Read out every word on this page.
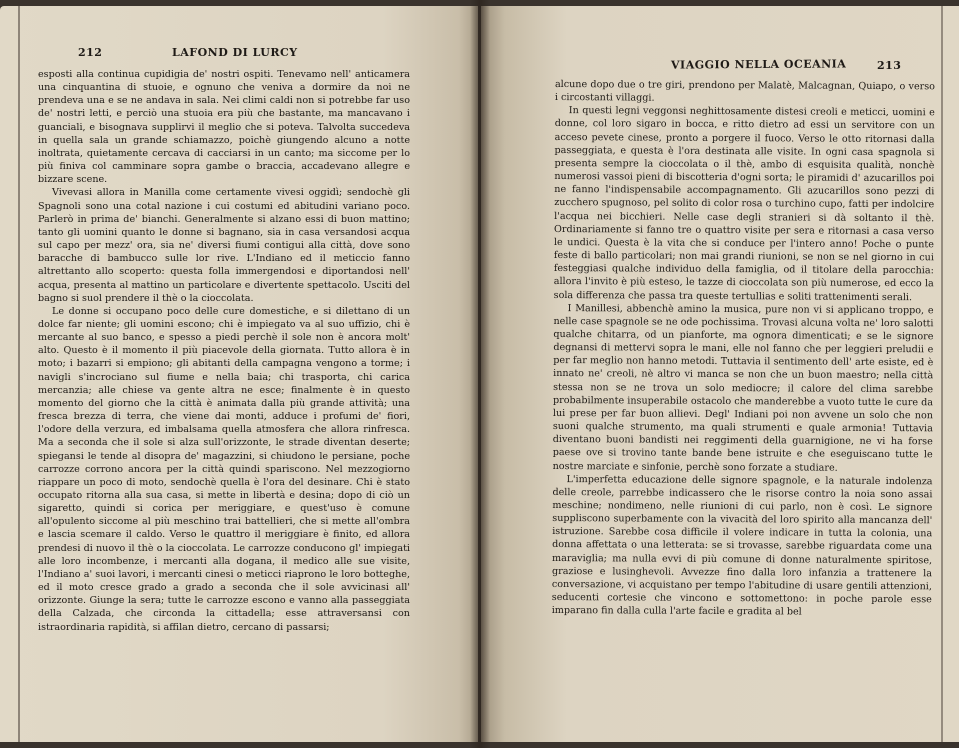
212	LAFOND DI LURCY

esposti alla continua cupidigia de' nostri ospiti. Tenevamo nell' anticamera una cinquantina di stuoie, e ognuno che veniva a dormire da noi ne prendeva una e se ne andava in sala. Nei climi caldi non si potrebbe far uso de' nostri letti, e perciò una stuoia era più che bastante, ma mancavano i guanciali, e bisognava supplirvi il meglio che si poteva. Talvolta succedeva in quella sala un grande schiamazzo, poichè giungendo alcuno a notte inoltrata, quietamente cercava di cacciarsi in un canto; ma siccome per lo più finiva col camminare sopra gambe o braccia, accadevano allegre e bizzare scene.

Vivevasi allora in Manilla come certamente vivesi oggidì; sendochè gli Spagnoli sono una cotal nazione i cui costumi ed abitudini variano poco. Parlerò in prima de' bianchi. Generalmente si alzano essi di buon mattino; tanto gli uomini quanto le donne si bagnano, sia in casa versandosi acqua sul capo per mezz' ora, sia ne' diversi fiumi contigui alla città, dove sono baracche di bambucco sulle lor rive. L'Indiano ed il meticcio fanno altrettanto allo scoperto: questa folla immergendosi e diportandosi nell' acqua, presenta al mattino un particolare e divertente spettacolo. Usciti del bagno si suol prendere il thè o la cioccolata.

Le donne si occupano poco delle cure domestiche, e si dilettano di un dolce far niente; gli uomini escono; chi è impiegato va al suo uffizio, chi è mercante al suo banco, e spesso a piedi perchè il sole non è ancora molt' alto. Questo è il momento il più piacevole della giornata. Tutto allora è in moto; i bazarri si empiono; gli abitanti della campagna vengono a torme; i navigli s'incrociano sul fiume e nella baia; chi trasporta, chi carica mercanzia; alle chiese va gente altra ne esce; finalmente è in questo momento del giorno che la città è animata dalla più grande attività; una fresca brezza di terra, che viene dai monti, adduce i profumi de' fiori, l'odore della verzura, ed imbalsama quella atmosfera che allora rinfresca. Ma a seconda che il sole si alza sull'orizzonte, le strade diventan deserte; spiegansi le tende al disopra de' magazzini, si chiudono le persiane, poche carrozze corrono ancora per la città quindi spariscono. Nel mezzogiorno riappare un poco di moto, sendochè quella è l'ora del desinare. Chi è stato occupato ritorna alla sua casa, si mette in libertà e desina; dopo di ciò un sigaretto, quindi si corica per meriggiare, e quest'uso è comune all'opulento siccome al più meschino trai battellieri, che si mette all'ombra e lascia scemare il caldo. Verso le quattro il meriggiare è finito, ed allora prendesi di nuovo il thè o la cioccolata. Le carrozze conducono gl' impiegati alle loro incombenze, i mercanti alla dogana, il medico alle sue visite, l'Indiano a' suoi lavori, i mercanti cinesi o meticci riaprono le loro botteghe, ed il moto cresce grado a grado a seconda che il sole avvicinasi all' orizzonte. Giunge la sera; tutte le carrozze escono e vanno alla passeggiata della Calzada, che circonda la cittadella; esse attraversansi con istraordinaria rapidità, si affilan dietro, cercano di passarsi;

VIAGGIO NELLA OCEANIA	213

alcune dopo due o tre giri, prendono per Malatè, Malcagnan, Quiapo, o verso i circostanti villaggi.

In questi legni veggonsi neghittosamente distesi creoli e meticci, uomini e donne, col loro sigaro in bocca, e ritto dietro ad essi un servitore con un acceso pevete cinese, pronto a porgere il fuoco. Verso le otto ritornasi dalla passeggiata, e questa è l'ora destinata alle visite. In ogni casa spagnola si presenta sempre la cioccolata o il thè, ambo di esquisita qualità, nonchè numerosi vassoi pieni di biscotteria d'ogni sorta; le piramidi d' azucarillos poi ne fanno l'indispensabile accompagnamento. Gli azucarillos sono pezzi di zucchero spugnoso, pel solito di color rosa o turchino cupo, fatti per indolcire l'acqua nei bicchieri. Nelle case degli stranieri si dà soltanto il thè. Ordinariamente si fanno tre o quattro visite per sera e ritornasi a casa verso le undici. Questa è la vita che si conduce per l'intero anno! Poche o punte feste di ballo particolari; non mai grandi riunioni, se non se nel giorno in cui festeggiasi qualche individuo della famiglia, od il titolare della parocchia: allora l'invito è più esteso, le tazze di cioccolata son più numerose, ed ecco la sola differenza che passa tra queste tertullias e soliti trattenimenti serali.

I Manillesi, abbenchè amino la musica, pure non vi si applicano troppo, e nelle case spagnole se ne ode pochissima. Trovasi alcuna volta ne' loro salotti qualche chitarra, od un pianforte, ma ognora dimenticati; e se le signore degnansi di mettervi sopra le mani, elle nol fanno che per leggieri preludii e per far meglio non hanno metodi. Tuttavia il sentimento dell' arte esiste, ed è innato ne' creoli, nè altro vi manca se non che un buon maestro; nella città stessa non se ne trova un solo mediocre; il calore del clima sarebbe probabilmente insuperabile ostacolo che manderebbe a vuoto tutte le cure da lui prese per far buon allievi. Degl' Indiani poi non avvene un solo che non suoni qualche strumento, ma quali strumenti e quale armonia! Tuttavia diventano buoni bandisti nei reggimenti della guarnigione, ne vi ha forse paese ove si trovino tante bande bene istruite e che eseguiscano tutte le nostre marciate e sinfonie, perchè sono forzate a studiare.

L'imperfetta educazione delle signore spagnole, e la naturale indolenza delle creole, parrebbe indicassero che le risorse contro la noia sono assai meschine; nondimeno, nelle riunioni di cui parlo, non è così. Le signore suppliscono superbamente con la vivacità del loro spirito alla mancanza dell' istruzione. Sarebbe cosa difficile il volere indicare in tutta la colonia, una donna affettata o una letterata: se si trovasse, sarebbe riguardata come una maraviglia; ma nulla evvi di più comune di donne naturalmente spiritose, graziose e lusinghevoli. Avvezze fino dalla loro infanzia a trattenere la conversazione, vi acquistano per tempo l'abitudine di usare gentili attenzioni, seducenti cortesie che vincono e sottomettono: in poche parole esse imparano fin dalla culla l'arte facile e gradita al bel
